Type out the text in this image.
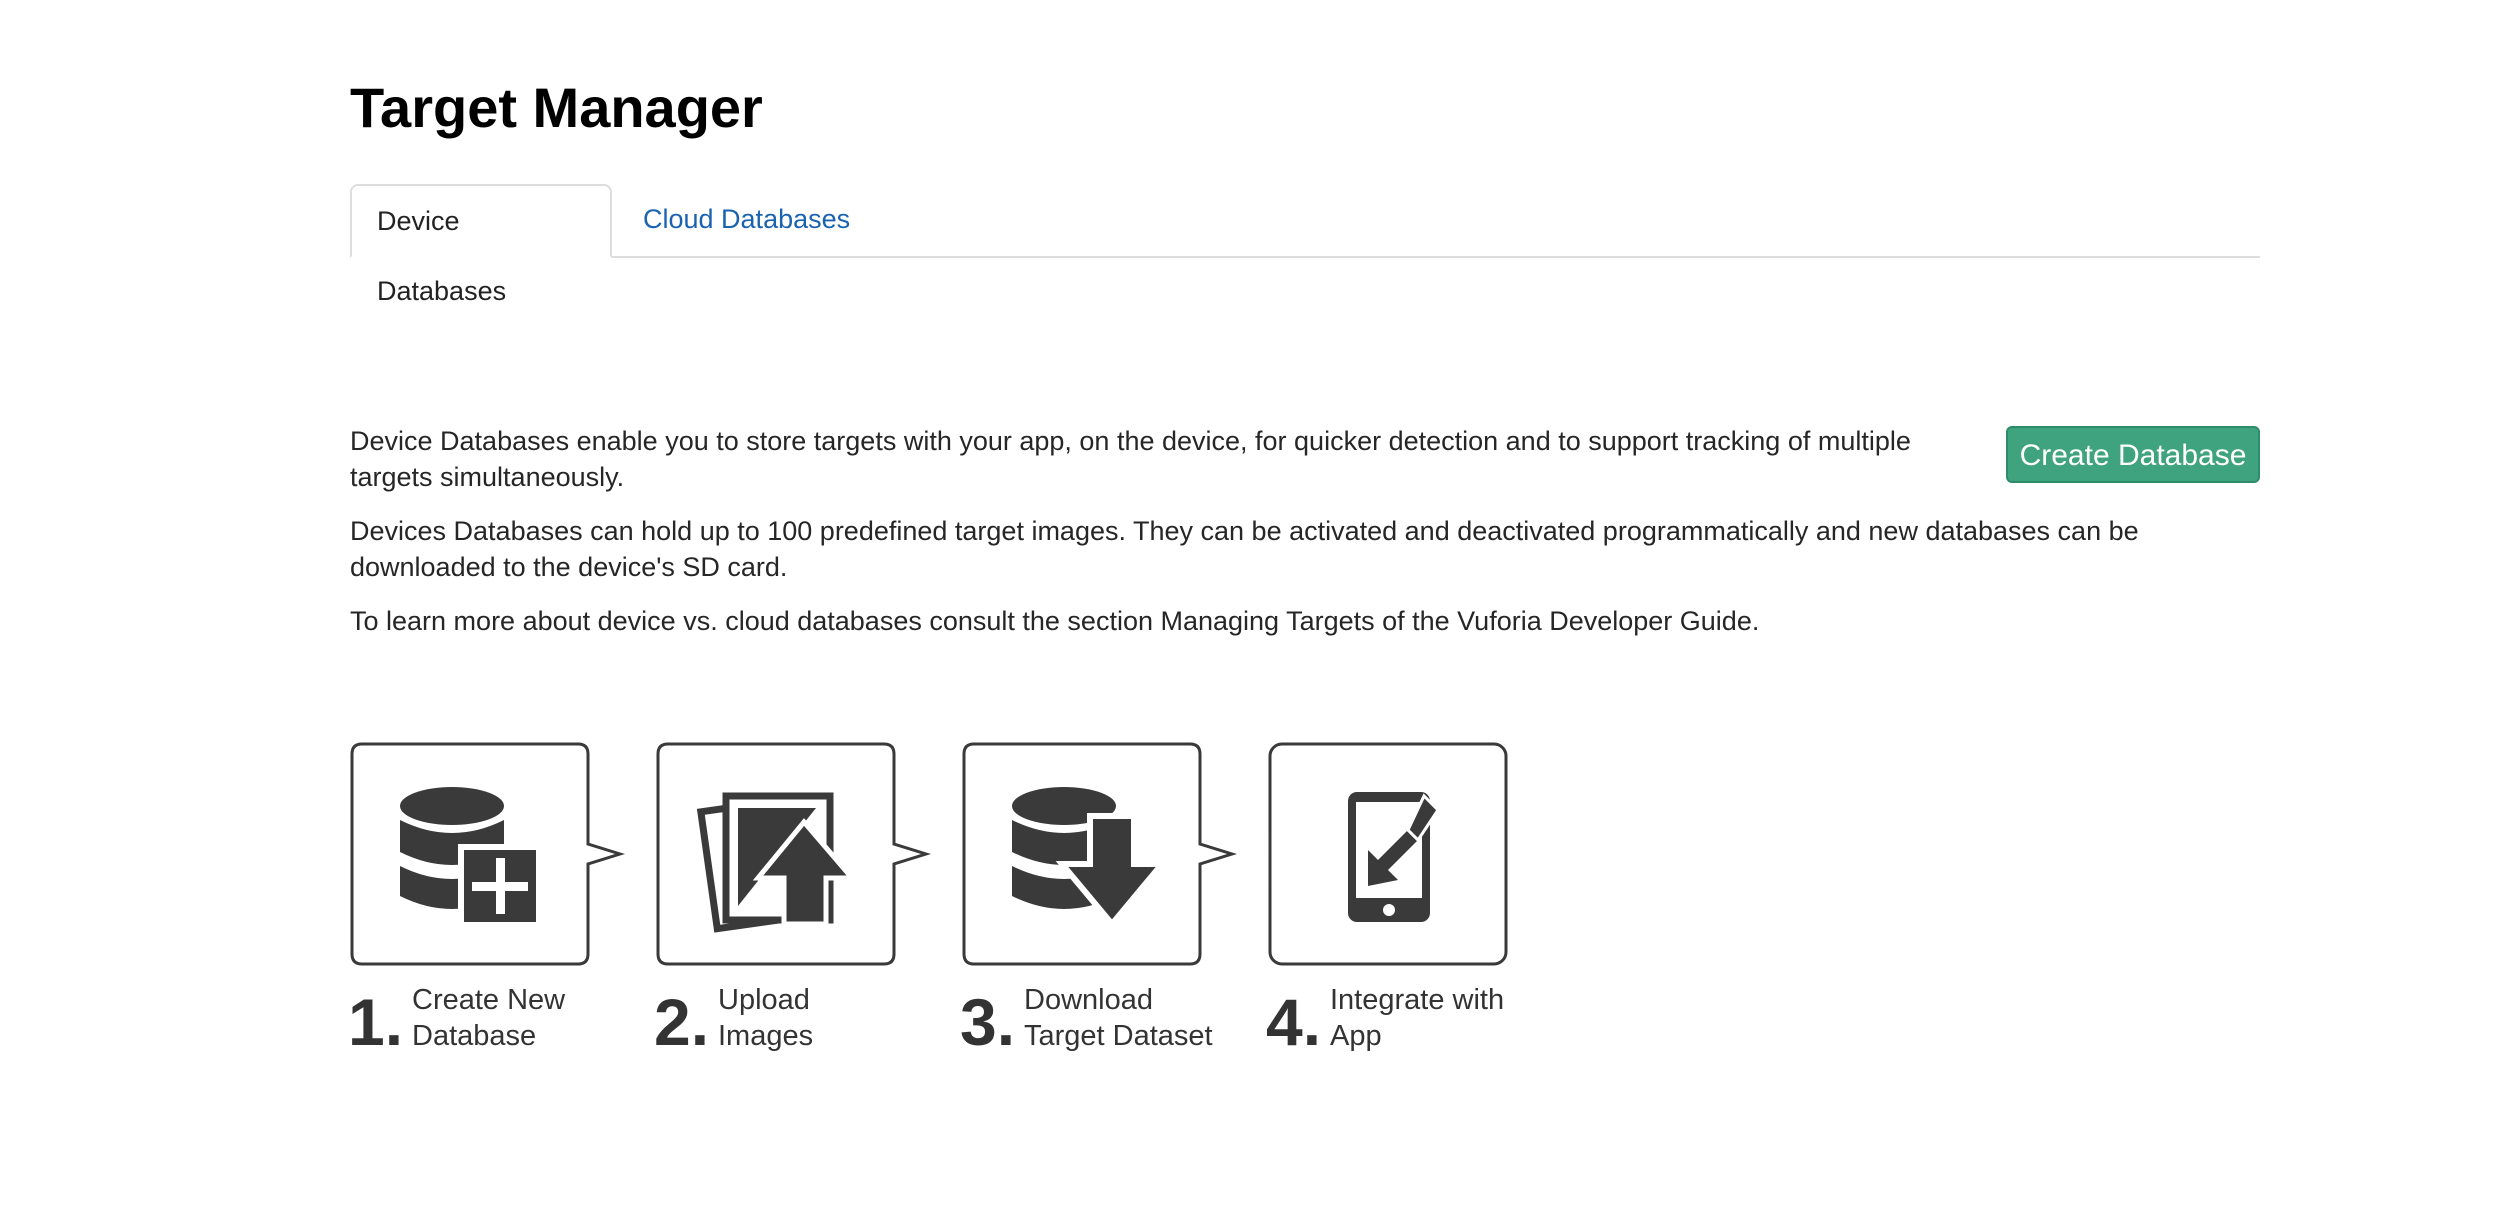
Target Manager
Device Databases
Cloud Databases

Device Databases enable you to store targets with your app, on the device, for quicker detection and to support tracking of multiple targets simultaneously.

Devices Databases can hold up to 100 predefined target images. They can be activated and deactivated programmatically and new databases can be downloaded to the device's SD card.

To learn more about device vs. cloud databases consult the section Managing Targets of the Vuforia Developer Guide.

Create Database
1. Create New
Database	2. Upload
Images	3. Download
Target Dataset 4. Integrate with
App
